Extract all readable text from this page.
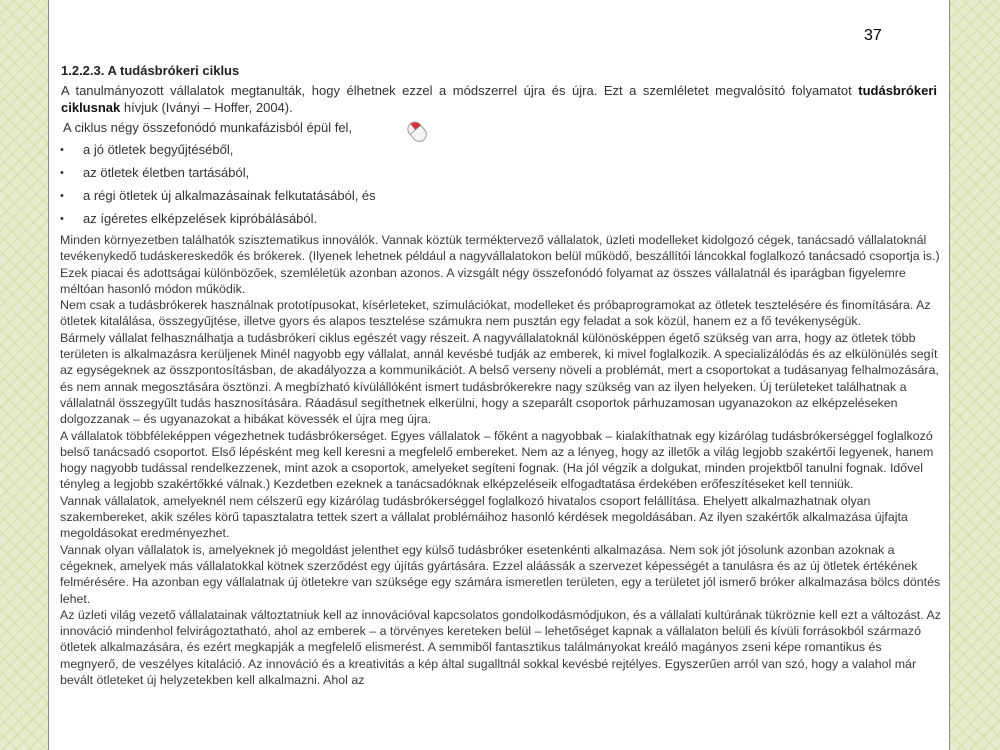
37
1.2.2.3. A tudásbrókeri ciklus

A tanulmányozott vállalatok megtanulták, hogy élhetnek ezzel a módszerrel újra és újra. Ezt a szemléletet megvalósító folyamatot tudásbrókeri ciklusnak hívjuk (Iványi – Hoffer, 2004).

A ciklus négy összefonódó munkafázisból épül fel,
• a jó ötletek begyűjtéséből,
• az ötletek életben tartásából,
• a régi ötletek új alkalmazásainak felkutatásából, és
• az ígéretes elképzelések kipróbálásából.

Minden környezetben találhatók szisztematikus innoválók. Vannak köztük terméktervező vállalatok, üzleti modelleket kidolgozó cégek, tanácsadó vállalatoknál tevékenykedő tudáskereskedők és brókerek. (Ilyenek lehetnek például a nagyvállalatokon belül működő, beszállítói láncokkal foglalkozó tanácsadó csoportja is.) Ezek piacai és adottságai különbözőek, szemléletük azonban azonos. A vizsgált négy összefonódó folyamat az összes vállalatnál és iparágban figyelemre méltóan hasonló módon működik.

Nem csak a tudásbrókerek használnak prototípusokat, kísérleteket, szimulációkat, modelleket és próbaprogramokat az ötletek tesztelésére és finomítására. Az ötletek kitalálása, összegyűjtése, illetve gyors és alapos tesztelése számukra nem pusztán egy feladat a sok közül, hanem ez a fő tevékenységük.

Bármely vállalat felhasználhatja a tudásbrókeri ciklus egészét vagy részeit. A nagyvállalatoknál különösképpen égető szükség van arra, hogy az ötletek több területen is alkalmazásra kerüljenek Minél nagyobb egy vállalat, annál kevésbé tudják az emberek, ki mivel foglalkozik. A specializálódás és az elkülönülés segít az egységeknek az összpontosításban, de akadályozza a kommunikációt. A belső verseny növeli a problémát, mert a csoportokat a tudásanyag felhalmozására, és nem annak megosztására ösztönzi. A megbízható kívülállóként ismert tudásbrókerekre nagy szükség van az ilyen helyeken. Új területeket találhatnak a vállalatnál összegyűlt tudás hasznosítására. Ráadásul segíthetnek elkerülni, hogy a szeparált csoportok párhuzamosan ugyanazokon az elképzeléseken dolgozzanak – és ugyanazokat a hibákat kövessék el újra meg újra.

A vállalatok többféleképpen végezhetnek tudásbrókerséget. Egyes vállalatok – főként a nagyobbak – kialakíthatnak egy kizárólag tudásbrókerséggel foglalkozó belső tanácsadó csoportot. Első lépésként meg kell keresni a megfelelő embereket. Nem az a lényeg, hogy az illetők a világ legjobb szakértői legyenek, hanem hogy nagyobb tudással rendelkezzenek, mint azok a csoportok, amelyeket segíteni fognak. (Ha jól végzik a dolgukat, minden projektből tanulni fognak. Idővel tényleg a legjobb szakértőkké válnak.) Kezdetben ezeknek a tanácsadóknak elképzeléseik elfogadtatása érdekében erőfeszítéseket kell tenniük.

Vannak vállalatok, amelyeknél nem célszerű egy kizárólag tudásbrókerséggel foglalkozó hivatalos csoport felállítása. Ehelyett alkalmazhatnak olyan szakembereket, akik széles körű tapasztalatra tettek szert a vállalat problémáihoz hasonló kérdések megoldásában. Az ilyen szakértők alkalmazása újfajta megoldásokat eredményezhet.

Vannak olyan vállalatok is, amelyeknek jó megoldást jelenthet egy külső tudásbróker esetenkénti alkalmazása. Nem sok jót jósolunk azonban azoknak a cégeknek, amelyek más vállalatokkal kötnek szerződést egy újítás gyártására. Ezzel aláássák a szervezet képességét a tanulásra és az új ötletek értékének felmérésére. Ha azonban egy vállalatnak új ötletekre van szüksége egy számára ismeretlen területen, egy a területet jól ismerő bróker alkalmazása bölcs döntés lehet.

Az üzleti világ vezető vállalatainak változtatniuk kell az innovációval kapcsolatos gondolkodásmódjukon, és a vállalati kultúrának tükröznie kell ezt a változást. Az innováció mindenhol felvirágoztatható, ahol az emberek – a törvényes kereteken belül – lehetőséget kapnak a vállalaton belüli és kívüli forrásokból származó ötletek alkalmazására, és ezért megkapják a megfelelő elismerést. A semmiből fantasztikus találmányokat kreáló magányos zseni képe romantikus és megnyerő, de veszélyes kitaláció. Az innováció és a kreativitás a kép által sugalltnál sokkal kevésbé rejtélyes. Egyszerűen arról van szó, hogy a valahol már bevált ötleteket új helyzetekben kell alkalmazni. Ahol az
